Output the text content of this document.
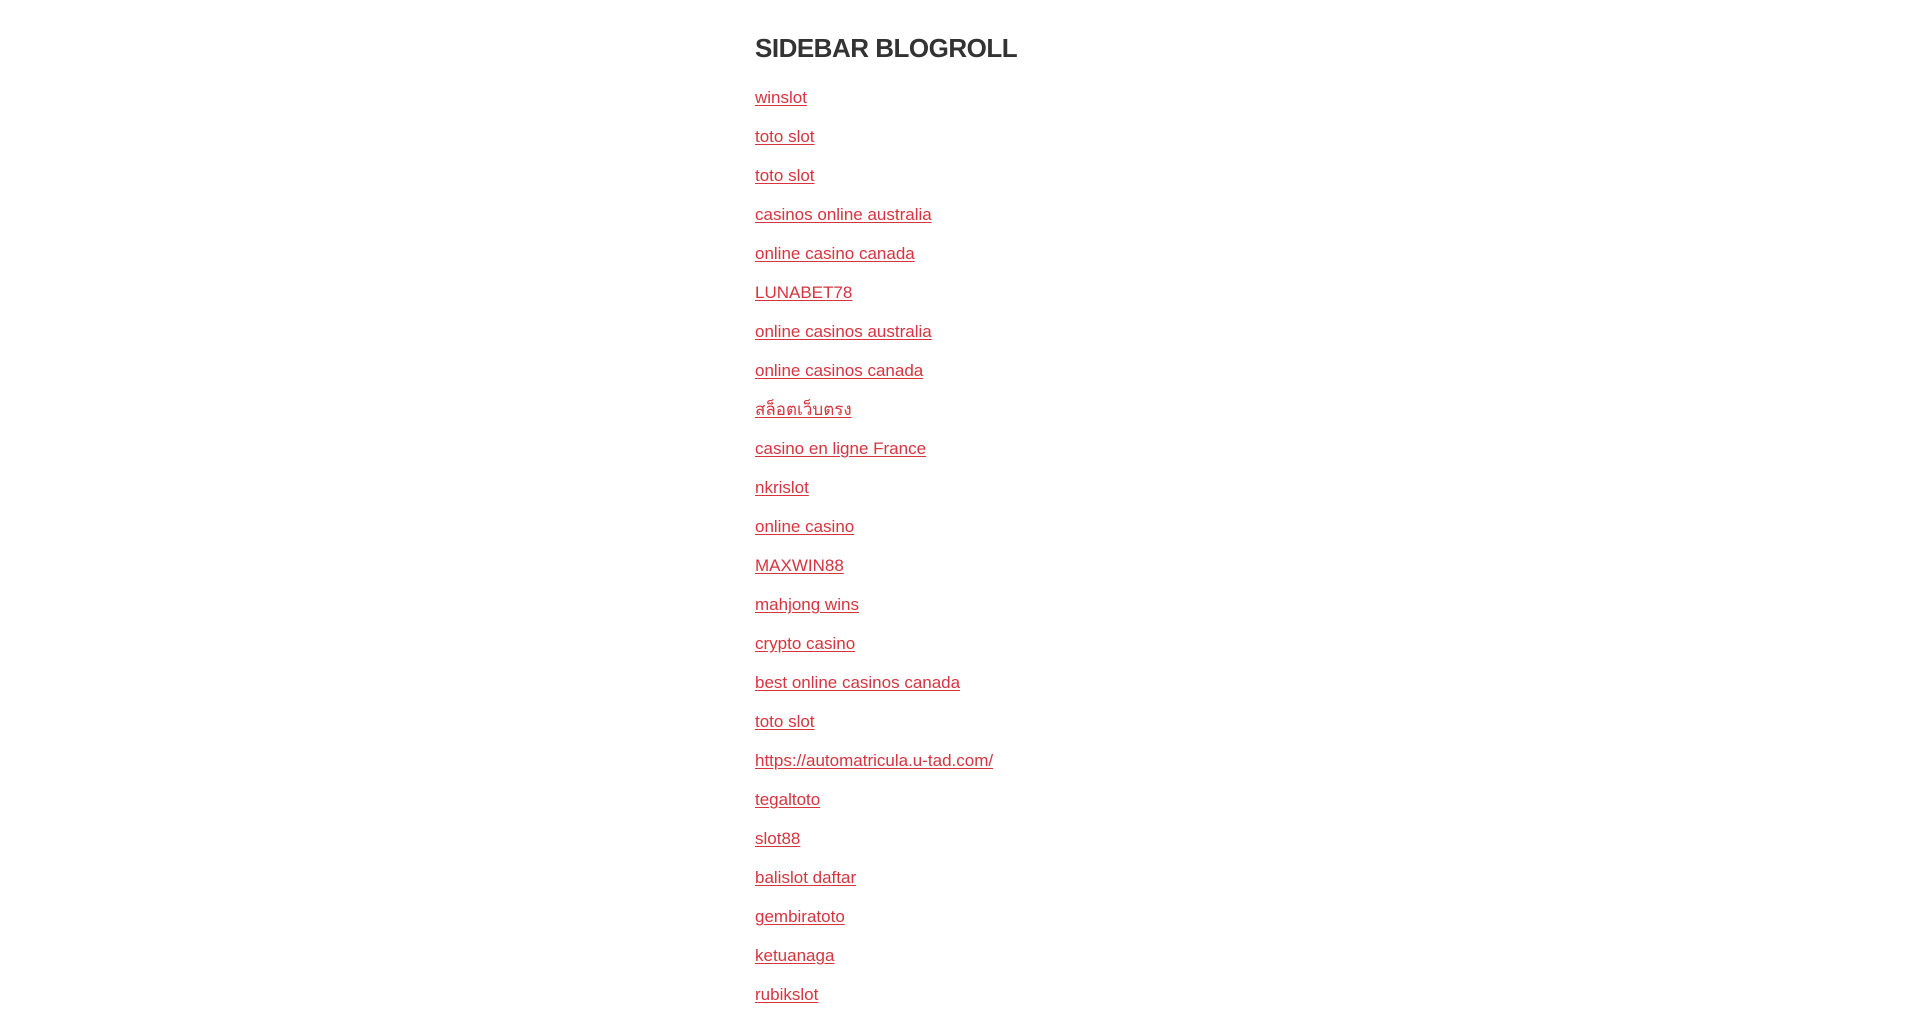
SIDEBAR BLOGROLL
winslot
toto slot
toto slot
casinos online australia
online casino canada
LUNABET78
online casinos australia
online casinos canada
สล็อตเว็บตรง
casino en ligne France
nkrislot
online casino
MAXWIN88
mahjong wins
crypto casino
best online casinos canada
toto slot
https://automatricula.u-tad.com/
tegaltoto
slot88
balislot daftar
gembiratoto
ketuanaga
rubikslot
